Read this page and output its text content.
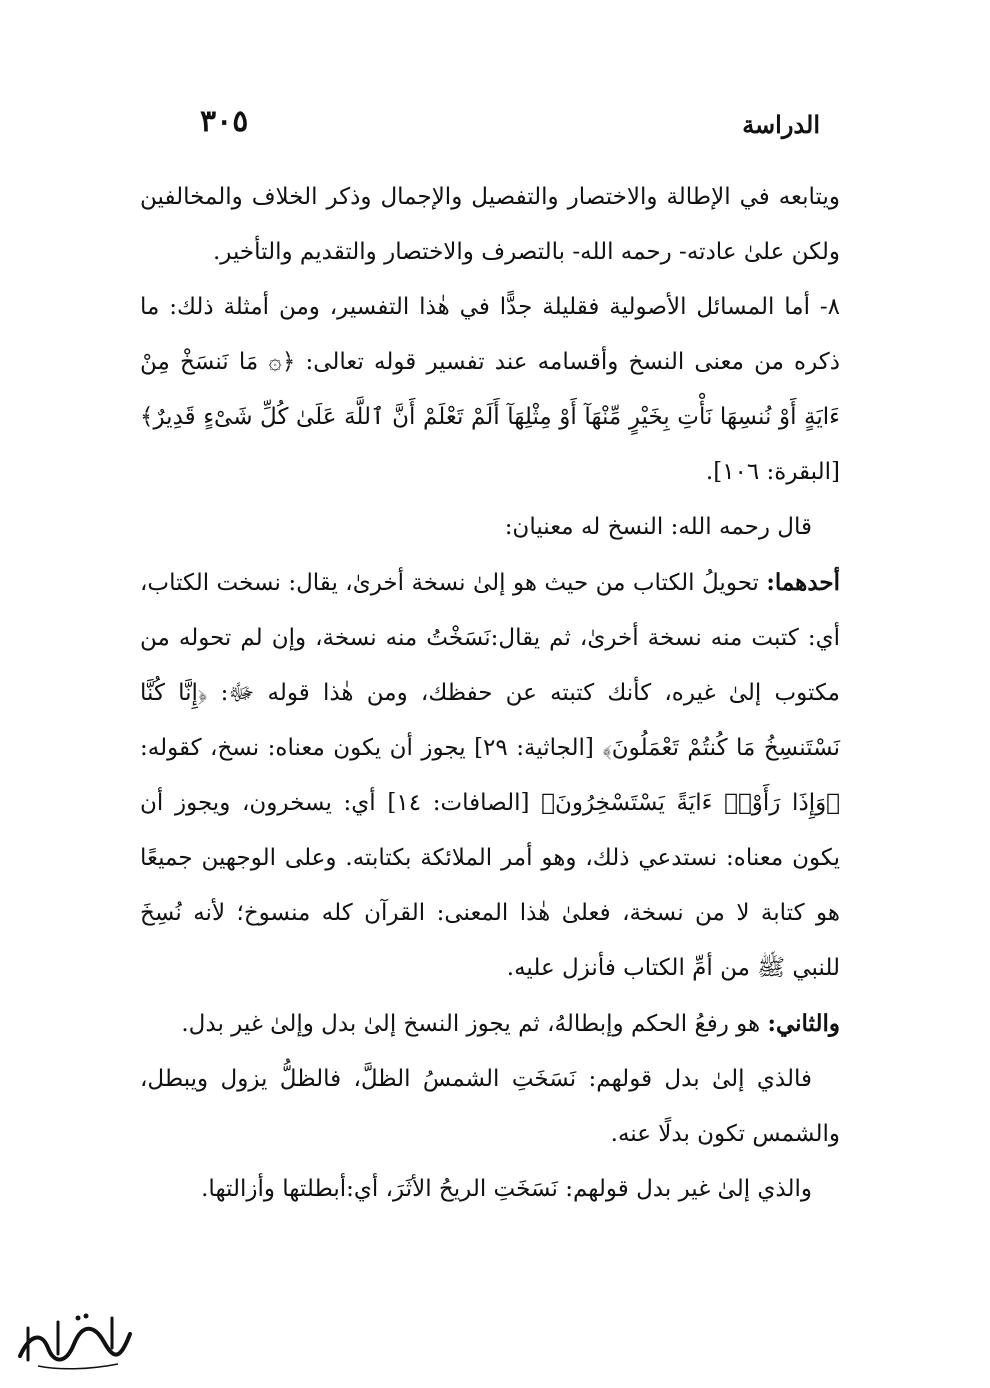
الدراسة
٣٠٥

ويتابعه في الإطالة والاختصار والتفصيل والإجمال وذكر الخلاف والمخالفين ولكن علىٰ عادته- رحمه الله- بالتصرف والاختصار والتقديم والتأخير.

٨- أما المسائل الأصولية فقليلة جدًّا في هٰذا التفسير، ومن أمثلة ذلك: ما ذكره من معنى النسخ وأقسامه عند تفسير قوله تعالى: ﴿۞ مَا نَنسَخْ مِنْ ءَايَةٍ أَوْ نُنسِهَا نَأْتِ بِخَيْرٍ مِّنْهَآ أَوْ مِثْلِهَآ أَلَمْ تَعْلَمْ أَنَّ ٱللَّهَ عَلَىٰ كُلِّ شَىْءٍ قَدِيرٌ﴾ [البقرة: ١٠٦].

قال رحمه الله: النسخ له معنيان:

أحدهما: تحويلُ الكتاب من حيث هو إلىٰ نسخة أخرىٰ، يقال: نسخت الكتاب، أي: كتبت منه نسخة أخرىٰ، ثم يقال:نَسَخْتُ منه نسخة، وإن لم تحوله من مكتوب إلىٰ غيره، كأنك كتبته عن حفظك، ومن هٰذا قوله ﷻ: ﴿إِنَّا كُنَّا نَسْتَنسِخُ مَا كُنتُمْ تَعْمَلُونَ﴾ [الجاثية: ٢٩] يجوز أن يكون معناه: نسخ، كقوله: ﴿وَإِذَا رَأَوْا۟ ءَايَةً يَسْتَسْخِرُونَ﴾ [الصافات: ١٤] أي: يسخرون، ويجوز أن يكون معناه: نستدعي ذلك، وهو أمر الملائكة بكتابته. وعلى الوجهين جميعًا هو كتابة لا من نسخة، فعلىٰ هٰذا المعنى: القرآن كله منسوخ؛ لأنه نُسِخَ للنبي ﷺ من أمِّ الكتاب فأنزل عليه.

والثاني: هو رفعُ الحكم وإبطالهُ، ثم يجوز النسخ إلىٰ بدل وإلىٰ غير بدل.

فالذي إلىٰ بدل قولهم: نَسَخَتِ الشمسُ الظلَّ، فالظلُّ يزول ويبطل، والشمس تكون بدلًا عنه.

والذي إلىٰ غير بدل قولهم: نَسَخَتِ الريحُ الأثَرَ، أي:أبطلتها وأزالتها.
